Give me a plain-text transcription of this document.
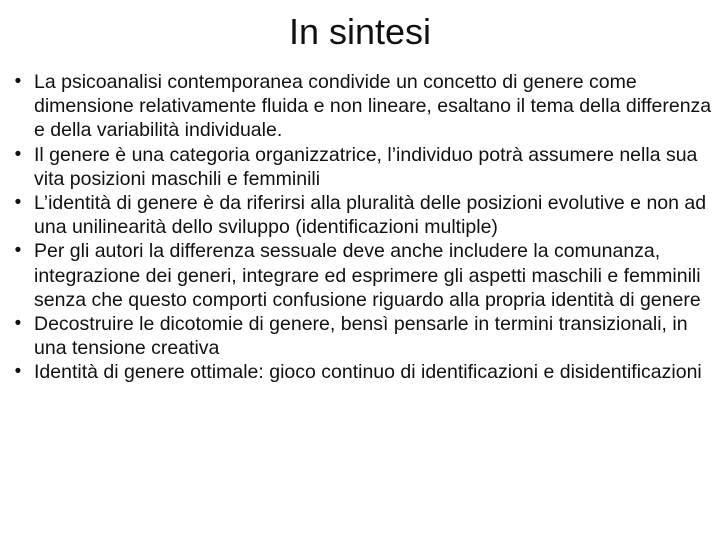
In sintesi
• La psicoanalisi contemporanea condivide un concetto di genere come dimensione relativamente fluida e non lineare, esaltano il tema della differenza e della variabilità individuale.
• Il genere è una categoria organizzatrice, l’individuo potrà assumere nella sua vita posizioni maschili e femminili
• L’identità di genere è da riferirsi alla pluralità delle posizioni evolutive e non ad una unilinearità dello sviluppo (identificazioni multiple)
• Per gli autori la differenza sessuale deve anche includere la comunanza, integrazione dei generi, integrare ed esprimere gli aspetti maschili e femminili senza che questo comporti confusione riguardo alla propria identità di genere
• Decostruire le dicotomie di genere, bensì pensarle in termini transizionali, in una tensione creativa
• Identità di genere ottimale: gioco continuo di identificazioni e disidentificazioni
